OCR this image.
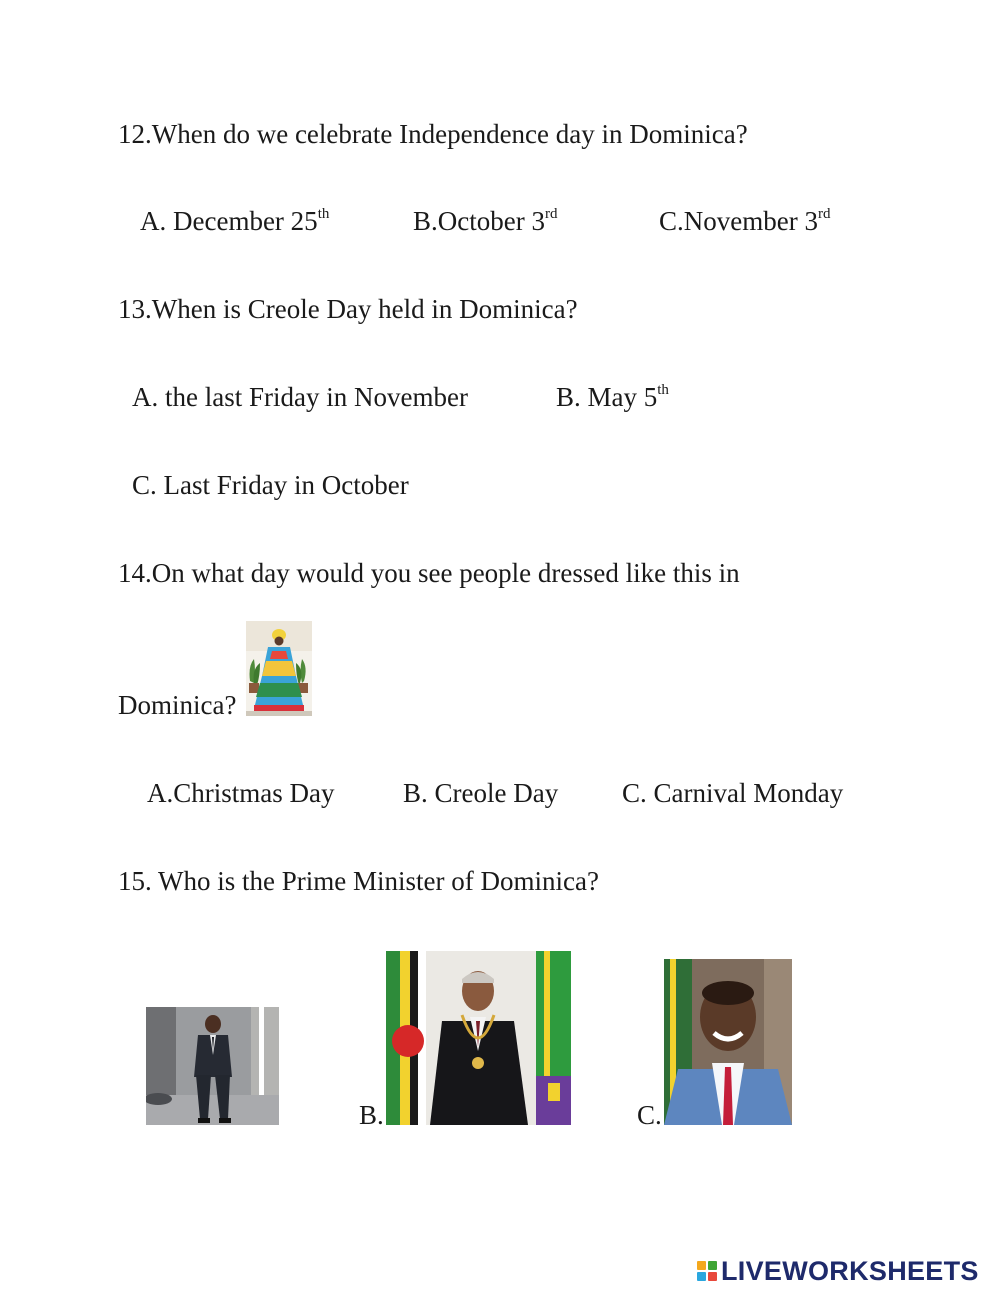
12.When do we celebrate Independence day in Dominica?
A. December 25th	B.October 3rd	C.November 3rd
13.When is Creole Day held in Dominica?
A. the last Friday in November	B. May 5th
C. Last Friday in October
14.On what day would you see people dressed like this in
Dominica?
A.Christmas Day	B. Creole Day C. Carnival Monday
15. Who is the Prime Minister of Dominica?
B.	C.
LIVEWORKSHEETS
